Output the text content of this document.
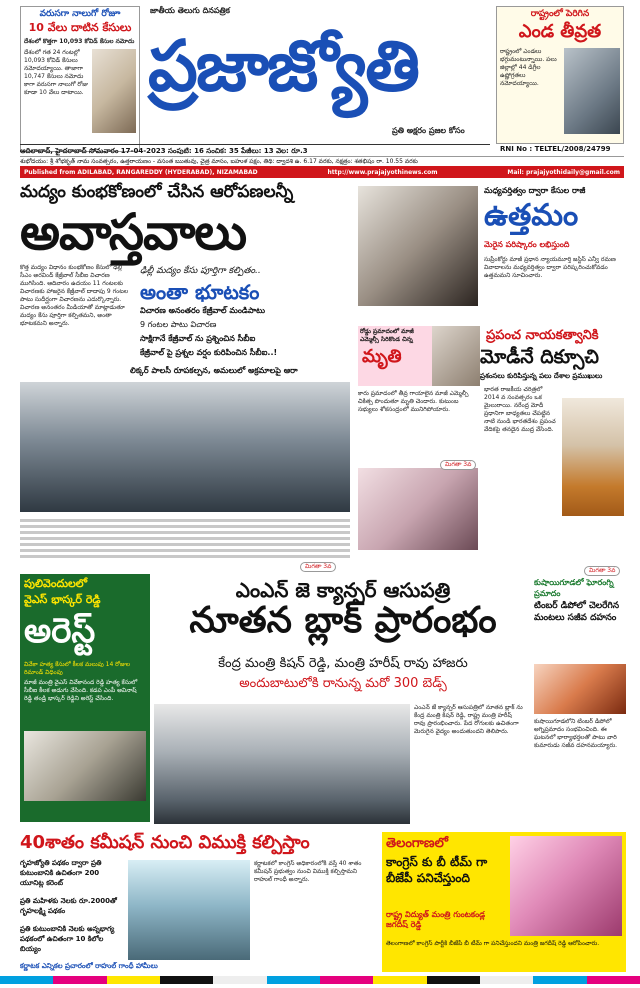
వరుసగా నాలుగో రోజూ
10 వేలు దాటిన కేసులు
దేశంలో కొత్తగా 10,093 కోవిడ్ కేసుల నమోదు
దేశంలో గత 24 గంటల్లో 10,093 కోవిడ్ కేసులు నమోదయ్యాయి. తాజాగా 10,747 కేసులు నమోదు కాగా వరుసగా నాలుగో రోజు కూడా 10 వేలు దాటాయి.
జాతీయ తెలుగు దినపత్రిక
ప్రజాజ్యోతి
ప్రతి అక్షరం ప్రజల కోసం
రాష్ట్రంలో పెరిగిన
ఎండ తీవ్రత
రాష్ట్రంలో ఎండలు భగ్గుమంటున్నాయి. పలు జిల్లాల్లో 44 డిగ్రీల ఉష్ణోగ్రతలు నమోదయ్యాయి.
RNI No : TELTEL/2008/24799
ఆదిలాబాద్, హైదరాబాద్ సోమవారం 17-04-2023 సంపుటి: 16 సంచిక: 35 పేజీలు: 13 వెల: రూ.3
శుభోదయం: శ్రీ శోభకృత్ నామ సంవత్సరం, ఉత్తరాయణం - వసంత ఋతువు, చైత్ర మాసం, బహుళ పక్షం, తిథి: ద్వాదశి ఉ. 6.17 వరకు, నక్షత్రం: శతభిషం రా. 10.55 వరకు
Published from ADILABAD, RANGAREDDY (HYDERABAD), NIZAMABAD	http://www.prajajyothinews.com	Mail: prajajyothidaily@gmail.com
మద్యం కుంభకోణంలో చేసిన ఆరోపణలన్నీ
అవాస్తవాలు
కొత్త మద్యం విధానం కుంభకోణం కేసులో ఢిల్లీ సీఎం అరవింద్ కేజ్రీవాల్ సీబీఐ విచారణ ముగిసింది. ఆదివారం ఉదయం 11 గంటలకు విచారణకు హాజరైన కేజ్రీవాల్ దాదాపు 9 గంటల పాటు సుదీర్ఘంగా విచారణను ఎదుర్కొన్నారు. విచారణ అనంతరం మీడియాతో మాట్లాడుతూ మద్యం కేసు పూర్తిగా కల్పితమని, అంతా భూటకమని అన్నారు.
ఢిల్లీ మద్యం కేసు పూర్తిగా కల్పితం..
అంతా భూటకం
విచారణ అనంతరం కేజ్రీవాల్ మండిపాటు
9 గంటల పాటు విచారణ
సాక్షిగానే కేజ్రీవాల్ ను ప్రశ్నించిన సీబీఐ
కేజ్రీవాల్ పై ప్రశ్నల వర్షం కురిపించిన సీబీఐ..!
లిక్కర్ పాలసీ రూపకల్పన, అమలులో అక్రమాలపై ఆరా
మధ్యవర్తిత్వం ద్వారా కేసుల రాజీ
ఉత్తమం
మెరైన పరిష్కారం లభిస్తుంది
సుప్రీంకోర్టు మాజీ ప్రధాన న్యాయమూర్తి జస్టిస్ ఎన్వీ రమణ వివాదాలను మధ్యవర్తిత్వం ద్వారా పరిష్కరించుకోవడం ఉత్తమమని సూచించారు.
రోడ్డు ప్రమాదంలో మాజీ ఎమ్మెల్సీ సిరికొండ చిన్న
మృతి
కారు ప్రమాదంలో తీవ్ర గాయాలైన మాజీ ఎమ్మెల్సీ చికిత్స పొందుతూ మృతి చెందారు. కుటుంబ సభ్యులు శోకసంద్రంలో మునిగిపోయారు.
ప్రపంచ నాయకత్వానికి
మోడీనే దిక్సూచి
ప్రశంసలు కురిపిస్తున్న పలు దేశాల ప్రముఖులు
భారత రాజకీయ చరిత్రలో 2014 వ సంవత్సరం ఒక మైలురాయి. నరేంద్ర మోదీ ప్రధానిగా బాధ్యతలు చేపట్టిన నాటి నుండి భారతదేశం ప్రపంచ వేదికపై తనదైన ముద్ర వేసింది.
పులివెందులలో
వైఎస్ భాస్కర్ రెడ్డి
అరెస్ట్
వివేకా హత్య కేసులో కీలక మలుపు 14 రోజుల రిమాండ్ విధింపు
మాజీ మంత్రి వైఎస్ వివేకానంద రెడ్డి హత్య కేసులో సీబీఐ కీలక అడుగు వేసింది. కడప ఎంపీ అవినాష్ రెడ్డి తండ్రి భాస్కర్ రెడ్డిని అరెస్ట్ చేసింది.
ఎంఎన్ జె క్యాన్సర్ ఆసుపత్రి
నూతన బ్లాక్ ప్రారంభం
కేంద్ర మంత్రి కిషన్ రెడ్డి, మంత్రి హరీష్ రావు హాజరు
అందుబాటులోకి రానున్న మరో 300 బెడ్స్
ఎంఎన్ జే క్యాన్సర్ ఆసుపత్రిలో నూతన బ్లాక్ ను కేంద్ర మంత్రి కిషన్ రెడ్డి, రాష్ట్ర మంత్రి హరీష్ రావు ప్రారంభించారు. పేద రోగులకు ఉచితంగా మెరుగైన వైద్యం అందుతుందని తెలిపారు.
కుషాయిగూడలో ఘోరంగ్ని ప్రమాదం
టింబర్ డిపోలో చెలరేగిన మంటలు సజీవ దహనం
కుషాయిగూడలోని టింబర్ డిపోలో అగ్నిప్రమాదం సంభవించింది. ఈ ఘటనలో భార్యాభర్తలతో పాటు వారి కుమారుడు సజీవ దహనమయ్యారు.
40శాతం కమీషన్ నుంచి విముక్తి కల్పిస్తాం
గృహజ్యోతి పథకం ద్వారా ప్రతి కుటుంబానికి ఉచితంగా 200 యూనిట్ల కరెంట్
ప్రతి మహిళకు నెలకు రూ.2000తో గృహలక్ష్మి పథకం
ప్రతి కుటుంబానికి నెలకు అన్నభాగ్య పథకంలో ఉచితంగా 10 కిలోల బియ్యం
కర్ణాటకలో కాంగ్రెస్ అధికారంలోకి వస్తే 40 శాతం కమీషన్ ప్రభుత్వం నుంచి విముక్తి కల్పిస్తామని రాహుల్ గాంధీ అన్నారు.
కర్ణాటక ఎన్నికల ప్రచారంలో రాహుల్ గాంధీ హామీలు
తెలంగాణలో
కాంగ్రెస్ కు బీ టీమ్ గా బీజేపీ పనిచేస్తుంది
రాష్ట్ర విద్యుత్ మంత్రి గుంటకండ్ల జగదీష్ రెడ్డి
తెలంగాణలో కాంగ్రెస్ పార్టీకి బీజేపీ బీ టీమ్ గా పనిచేస్తుందని మంత్రి జగదీష్ రెడ్డి ఆరోపించారు.
మిగతా 3వ
మిగతా 3వ
మిగతా 3వ
